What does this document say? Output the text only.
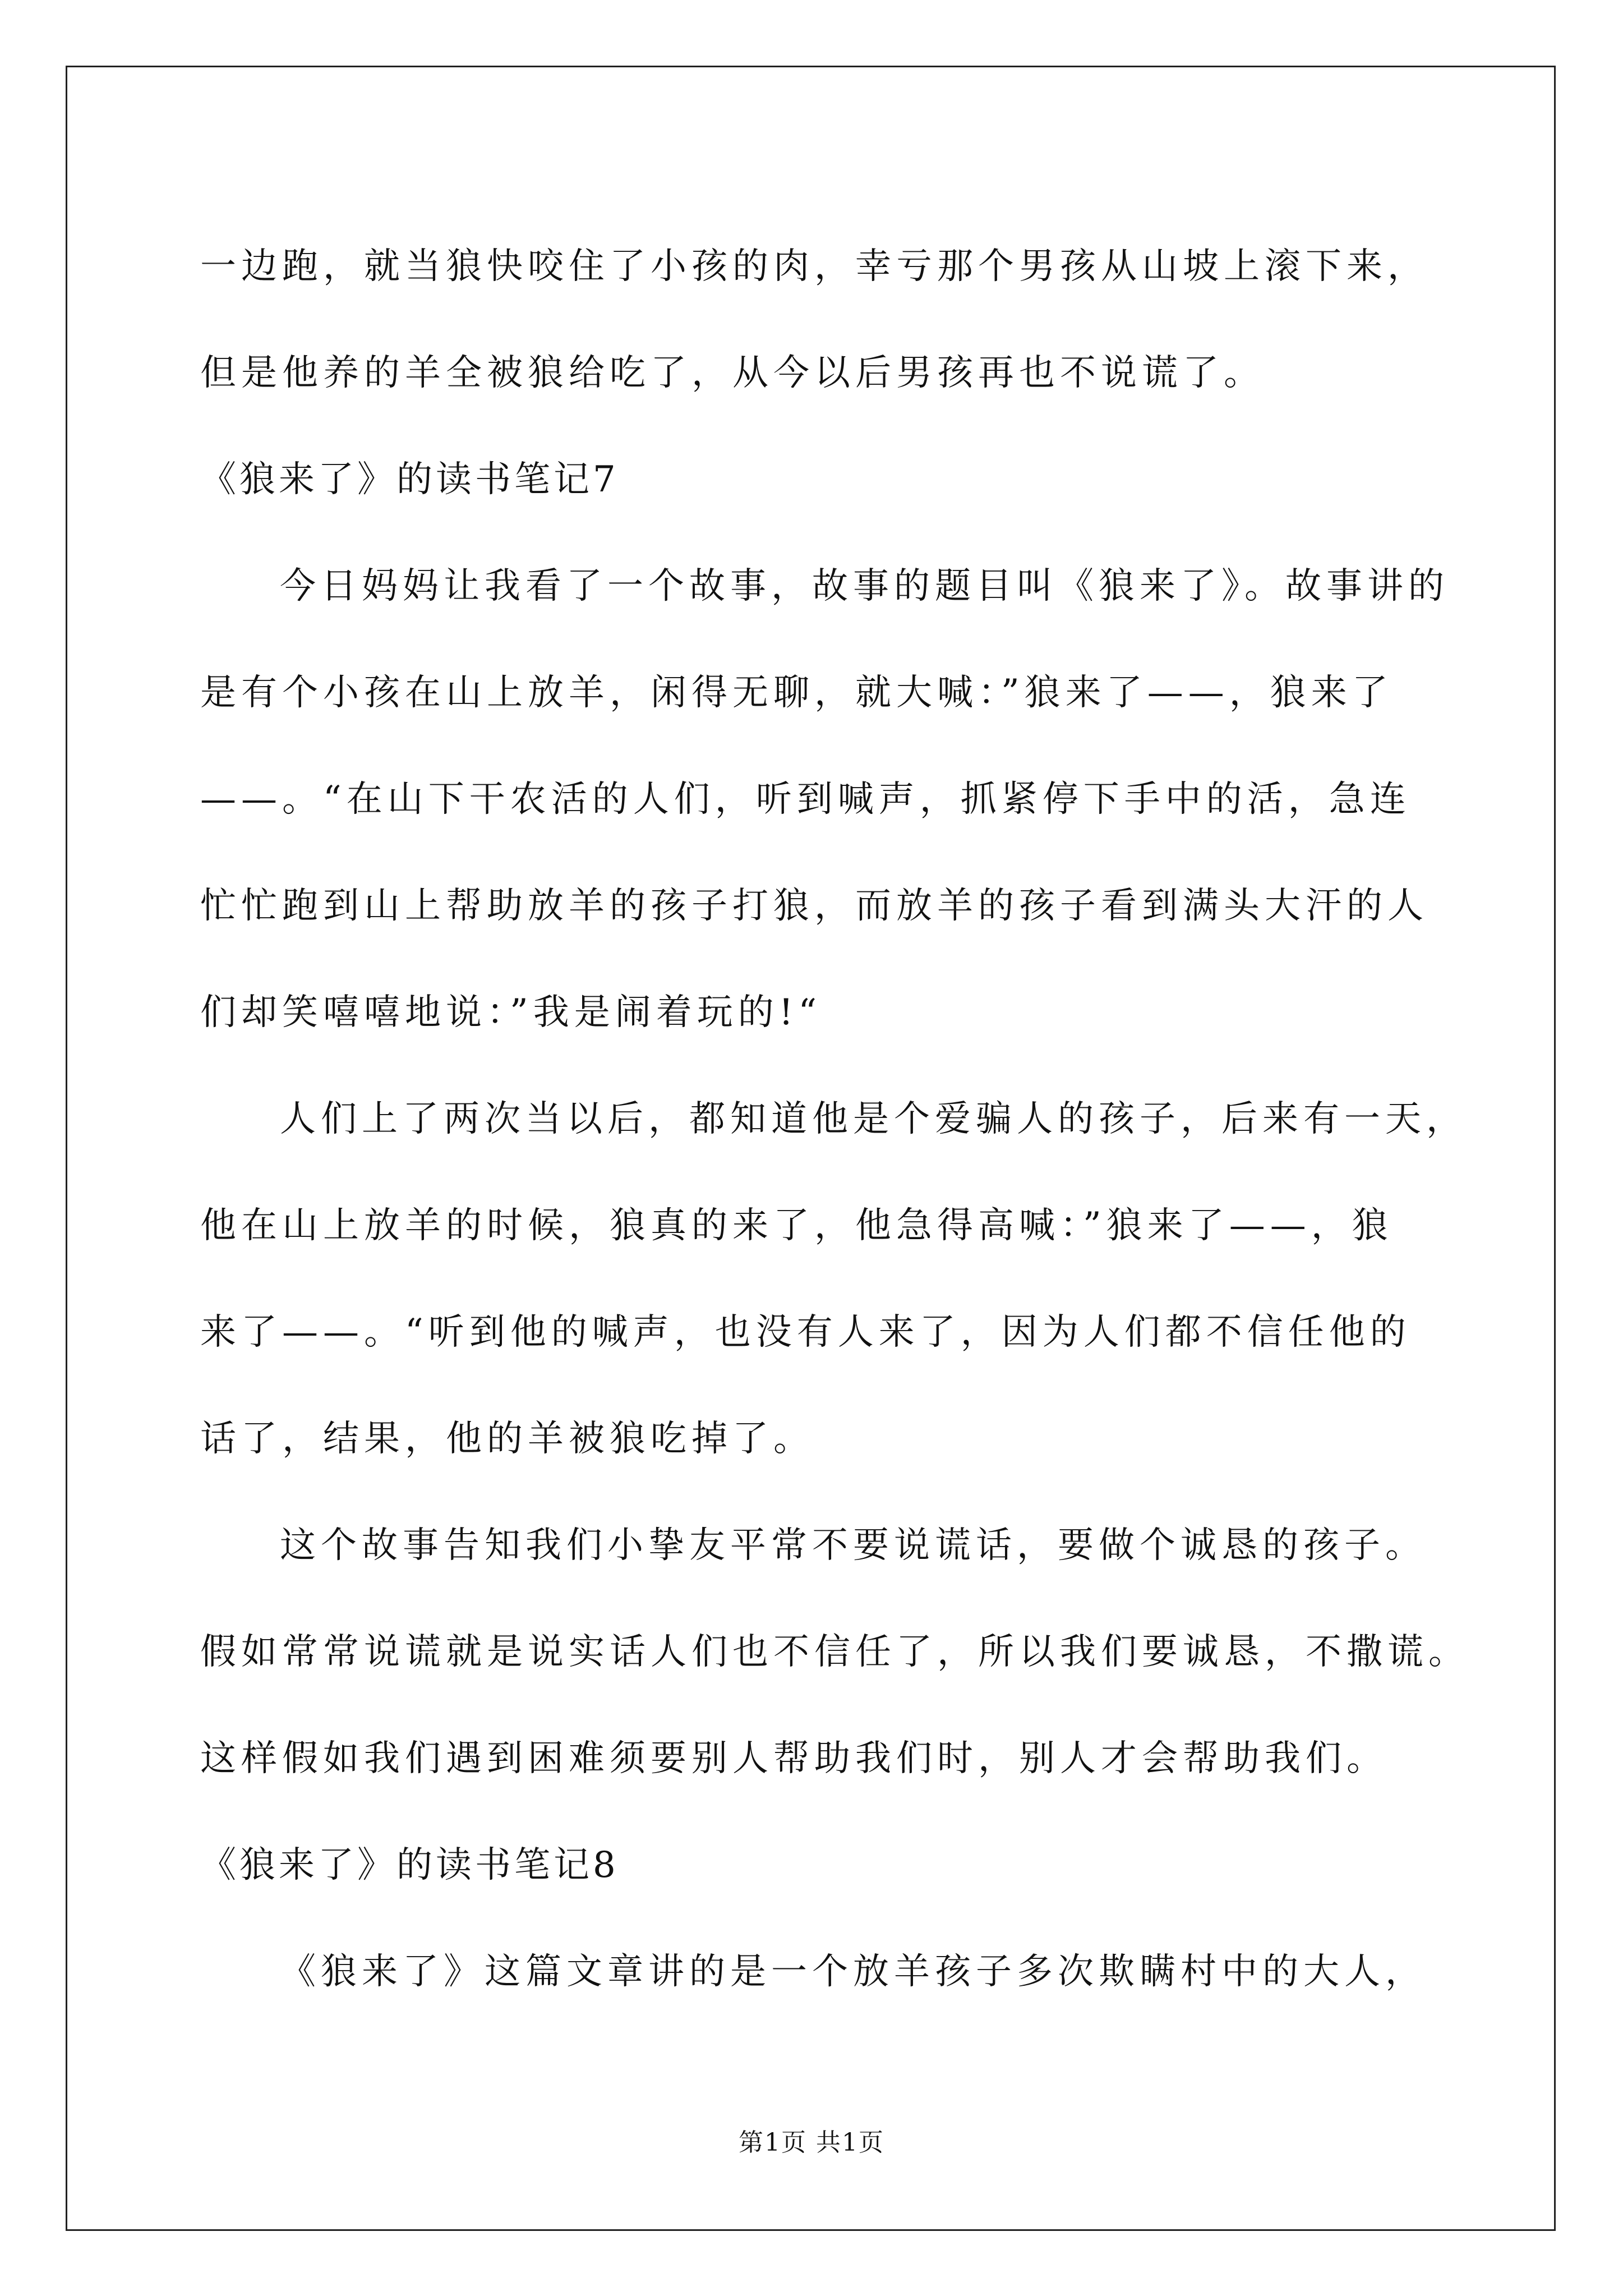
一边跑，就当狼快咬住了小孩的肉，幸亏那个男孩从山坡上滚下来，
但是他养的羊全被狼给吃了，从今以后男孩再也不说谎了。
《狼来了》的读书笔记7
今日妈妈让我看了一个故事，故事的题目叫《狼来了》。故事讲的
是有个小孩在山上放羊，闲得无聊，就大喊：”狼来了——，狼来了
——。“在山下干农活的人们，听到喊声，抓紧停下手中的活，急连
忙忙跑到山上帮助放羊的孩子打狼，而放羊的孩子看到满头大汗的人
们却笑嘻嘻地说：”我是闹着玩的!“
人们上了两次当以后，都知道他是个爱骗人的孩子，后来有一天，
他在山上放羊的时候，狼真的来了，他急得高喊：”狼来了——，狼
来了——。“听到他的喊声，也没有人来了，因为人们都不信任他的
话了，结果，他的羊被狼吃掉了。
这个故事告知我们小挚友平常不要说谎话，要做个诚恳的孩子。
假如常常说谎就是说实话人们也不信任了，所以我们要诚恳，不撒谎。
这样假如我们遇到困难须要别人帮助我们时，别人才会帮助我们。
《狼来了》的读书笔记8
《狼来了》这篇文章讲的是一个放羊孩子多次欺瞒村中的大人，
第1页 共1页
